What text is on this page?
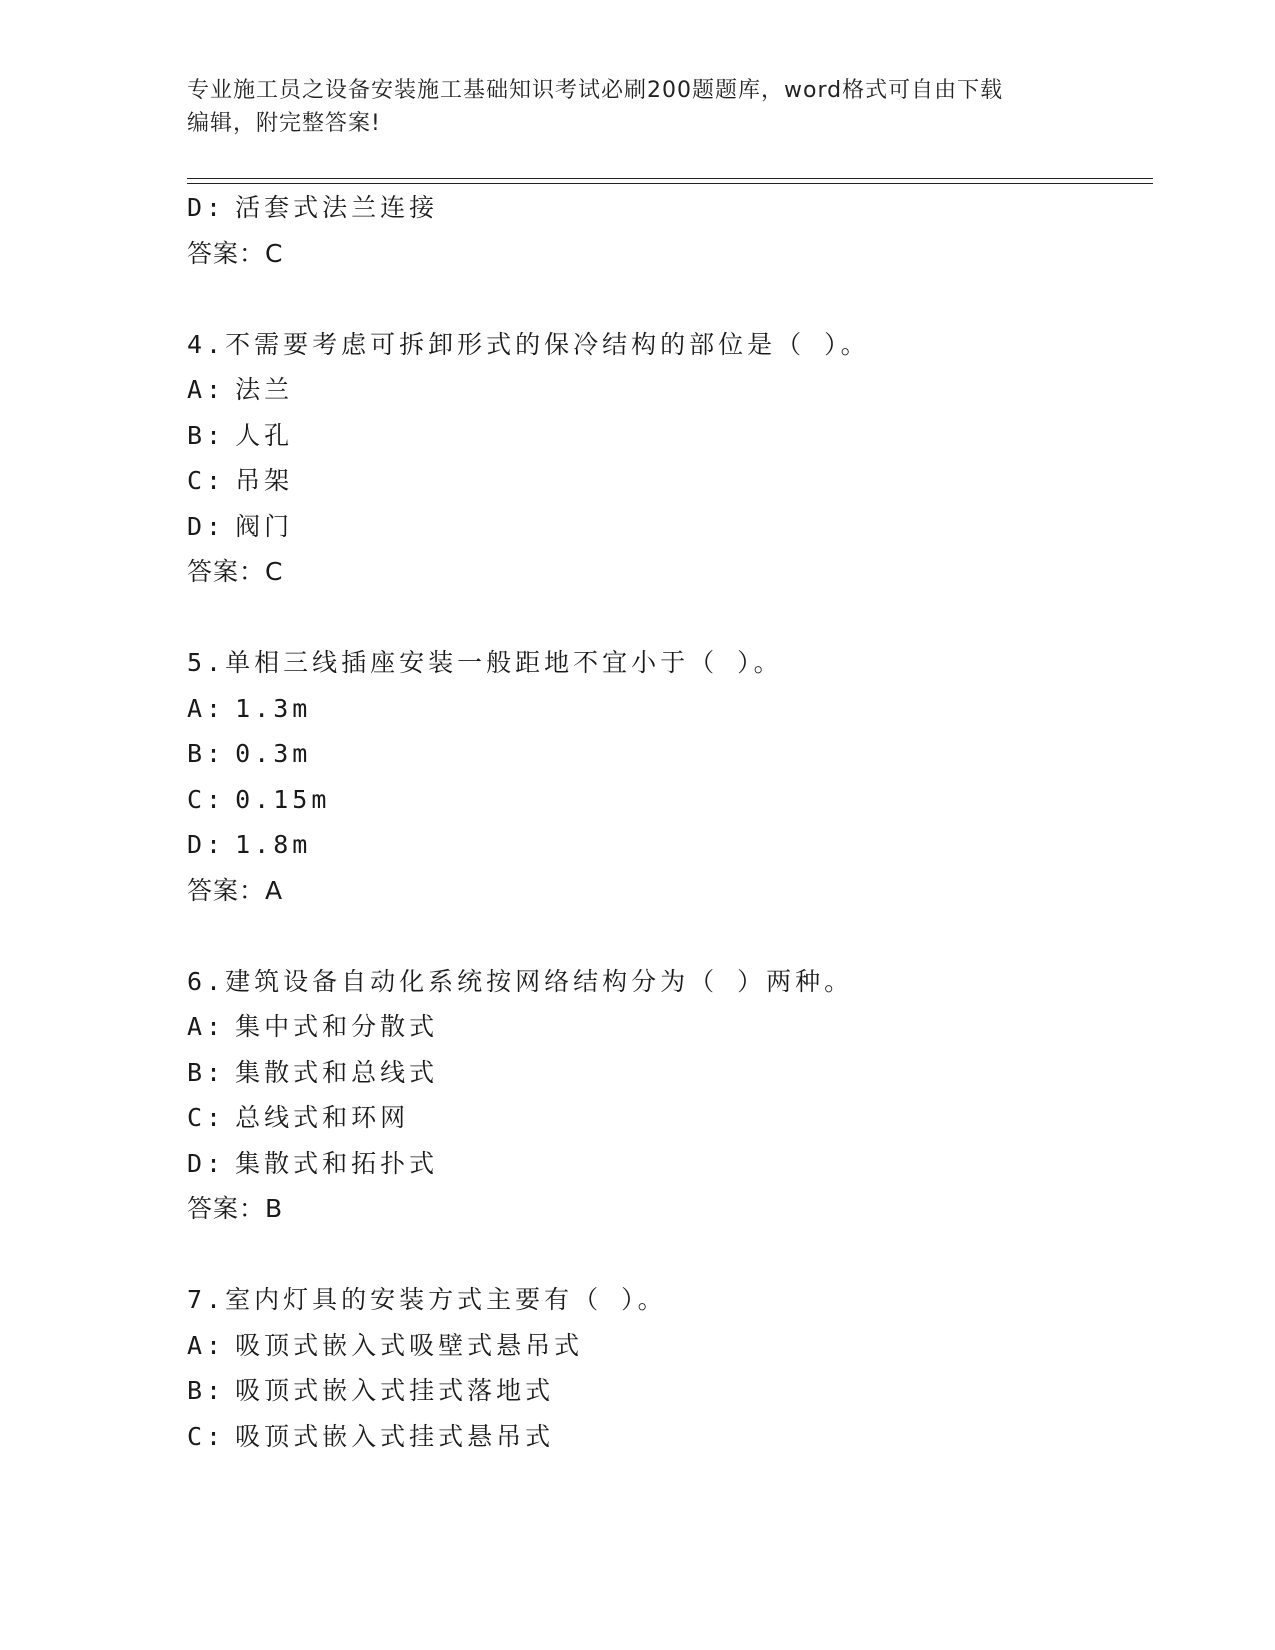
专业施工员之设备安装施工基础知识考试必刷200题题库，word格式可自由下载
编辑，附完整答案!
D: 活套式法兰连接
答案：C
4.不需要考虑可拆卸形式的保冷结构的部位是（ ）。
A: 法兰
B: 人孔
C: 吊架
D: 阀门
答案：C
5.单相三线插座安装一般距地不宜小于（ ）。
A: 1.3m
B: 0.3m
C: 0.15m
D: 1.8m
答案：A
6.建筑设备自动化系统按网络结构分为（ ）两种。
A: 集中式和分散式
B: 集散式和总线式
C: 总线式和环网
D: 集散式和拓扑式
答案：B
7.室内灯具的安装方式主要有（ ）。
A: 吸顶式嵌入式吸壁式悬吊式
B: 吸顶式嵌入式挂式落地式
C: 吸顶式嵌入式挂式悬吊式
